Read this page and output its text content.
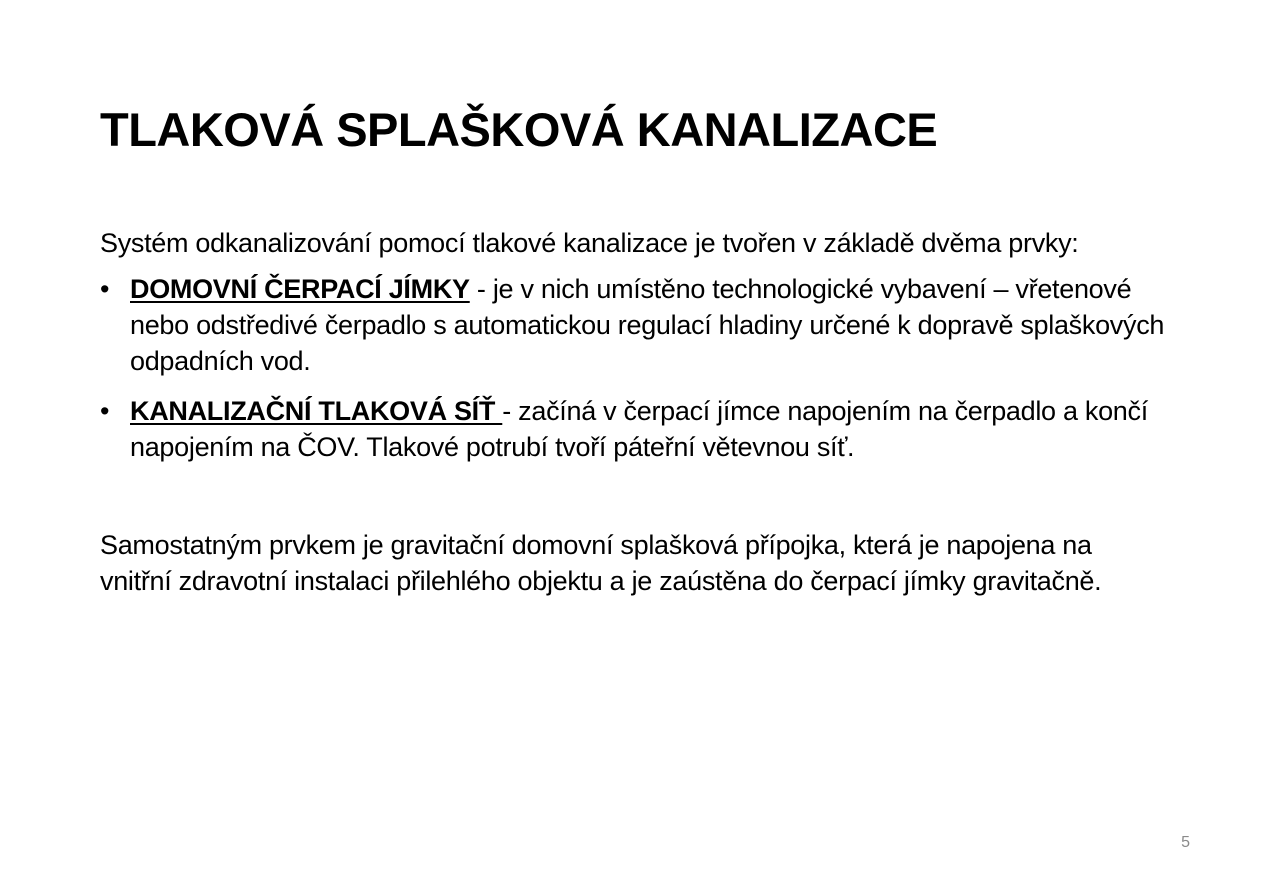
TLAKOVÁ SPLAŠKOVÁ KANALIZACE

Systém odkanalizování pomocí tlakové kanalizace je tvořen v základě dvěma prvky:

• DOMOVNÍ ČERPACÍ JÍMKY - je v nich umístěno technologické vybavení – vřetenové nebo odstředivé čerpadlo s automatickou regulací hladiny určené k dopravě splaškových odpadních vod.
• KANALIZAČNÍ TLAKOVÁ SÍŤ - začíná v čerpací jímce napojením na čerpadlo a končí napojením na ČOV. Tlakové potrubí tvoří páteřní větevnou síť.

Samostatným prvkem je gravitační domovní splašková přípojka, která je napojena na vnitřní zdravotní instalaci přilehlého objektu a je zaústěna do čerpací jímky gravitačně.

5
